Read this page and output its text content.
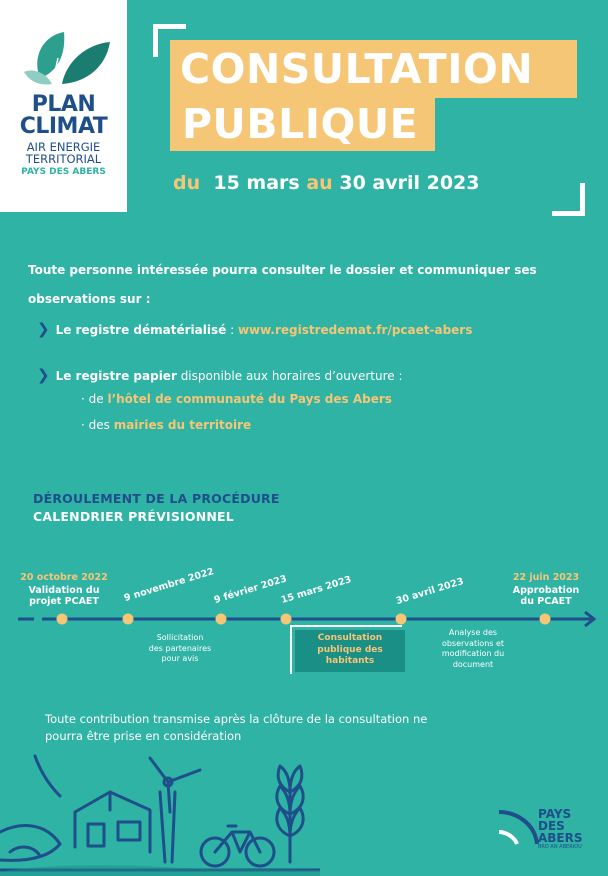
PLAN
CLIMAT
AIR ENERGIE
TERRITORIAL
PAYS DES ABERS
CONSULTATION
PUBLIQUE
du 15 mars au 30 avril 2023
Toute personne intéressée pourra consulter le dossier et communiquer ses
observations sur :
❯ Le registre dématérialisé : www.registredemat.fr/pcaet-abers
❯ Le registre papier disponible aux horaires d’ouverture :
· de l’hôtel de communauté du Pays des Abers
· des mairies du territoire
DÉROULEMENT DE LA PROCÉDURE
CALENDRIER PRÉVISIONNEL
20 octobre 2022
Validation du
projet PCAET	9 novembre 2022
9 février 2023
15 mars 2023	30 avril 2023	22 juin 2023
Approbation
du PCAET
Sollicitation
des partenaires
pour avis
Consultation
publique des
habitants
Analyse des
observations et
modification du
document
Toute contribution transmise après la clôture de la consultation ne
pourra être prise en considération
PAYS
DES
ABERS
BRO AN ABERIOU
